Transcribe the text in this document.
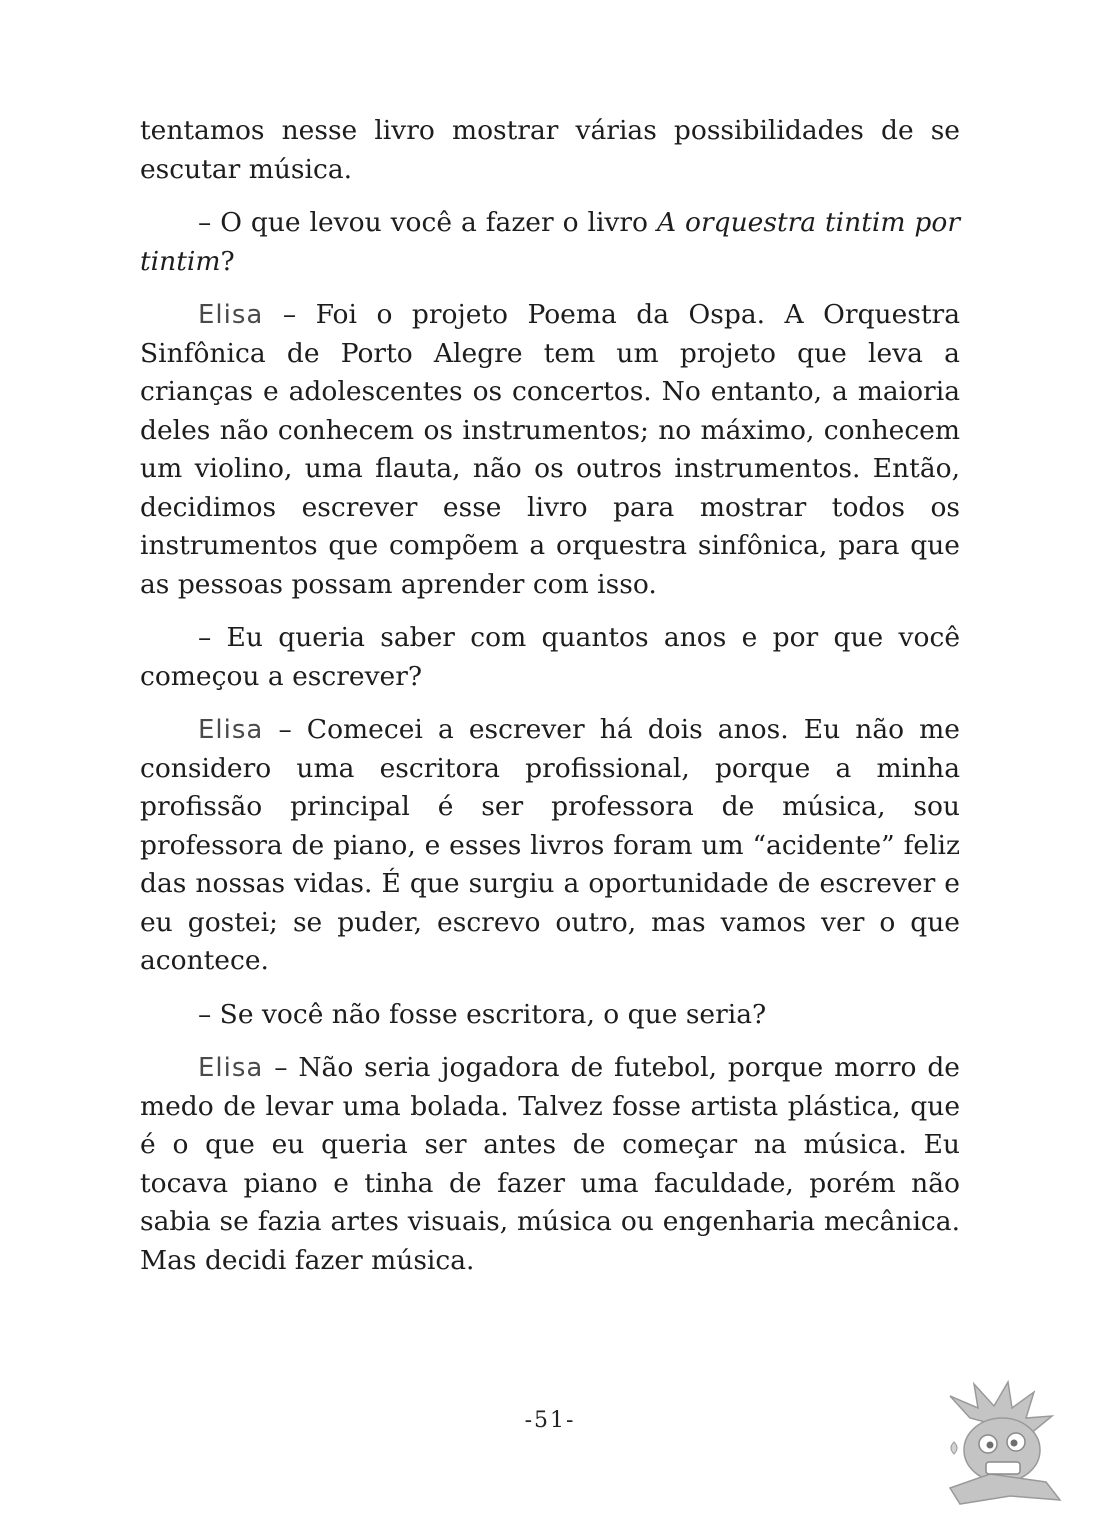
tentamos nesse livro mostrar várias possibilidades de se escutar música.

– O que levou você a fazer o livro A orquestra tintim por tintim?

Elisa – Foi o projeto Poema da Ospa. A Orquestra Sinfônica de Porto Alegre tem um projeto que leva a crianças e adolescentes os concertos. No entanto, a maioria deles não conhecem os instrumentos; no máximo, conhecem um violino, uma flauta, não os outros instrumentos. Então, decidimos escrever esse livro para mostrar todos os instrumentos que compõem a orquestra sinfônica, para que as pessoas possam aprender com isso.

– Eu queria saber com quantos anos e por que você começou a escrever?

Elisa – Comecei a escrever há dois anos. Eu não me considero uma escritora profissional, porque a minha profissão principal é ser professora de música, sou professora de piano, e esses livros foram um “acidente” feliz das nossas vidas. É que surgiu a oportunidade de escrever e eu gostei; se puder, escrevo outro, mas vamos ver o que acontece.

– Se você não fosse escritora, o que seria?

Elisa – Não seria jogadora de futebol, porque morro de medo de levar uma bolada. Talvez fosse artista plástica, que é o que eu queria ser antes de começar na música. Eu tocava piano e tinha de fazer uma faculdade, porém não sabia se fazia artes visuais, música ou engenharia mecânica. Mas decidi fazer música.

-51-
